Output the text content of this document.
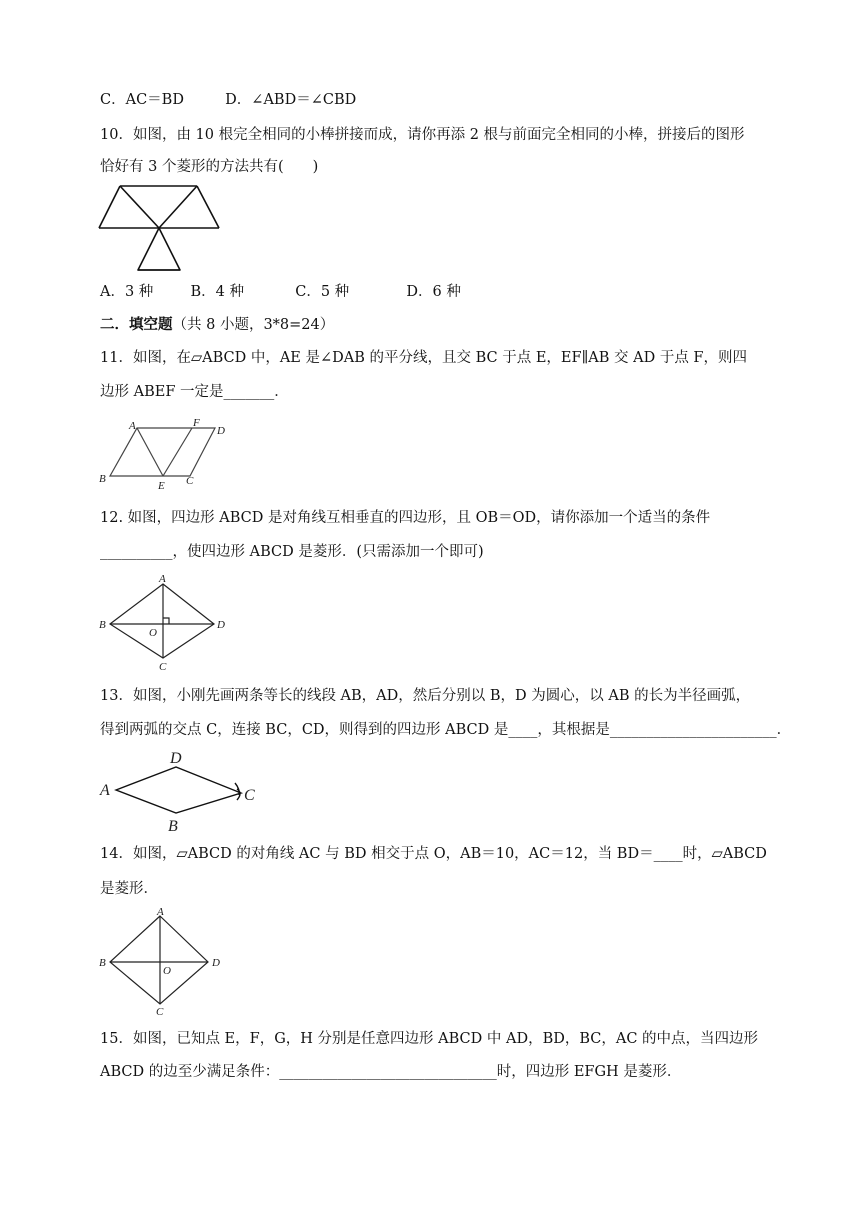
C．AC＝BD	D．∠ABD＝∠CBD
10．如图，由 10 根完全相同的小棒拼接而成，请你再添 2 根与前面完全相同的小棒，拼接后的图形
恰好有 3 个菱形的方法共有(　　)
A．3 种	B．4 种	C．5 种	D．6 种
二．填空题（共 8 小题，3*8=24）
11．如图，在▱ABCD 中，AE 是∠DAB 的平分线，且交 BC 于点 E，EF∥AB 交 AD 于点 F，则四
边形 ABEF 一定是_______．
A	F
D
B
E C
12. 如图，四边形 ABCD 是对角线互相垂直的四边形，且 OB＝OD，请你添加一个适当的条件
__________，使四边形 ABCD 是菱形．(只需添加一个即可)
A
B
O
D
C
13．如图，小刚先画两条等长的线段 AB，AD，然后分别以 B，D 为圆心，以 AB 的长为半径画弧，
得到两弧的交点 C，连接 BC，CD，则得到的四边形 ABCD 是____，其根据是_______________________．
A
D
C
B
14．如图，▱ABCD 的对角线 AC 与 BD 相交于点 O，AB＝10，AC＝12，当 BD＝____时，▱ABCD
是菱形．
A
B
O
D
C
15．如图，已知点 E，F，G，H 分别是任意四边形 ABCD 中 AD，BD，BC，AC 的中点，当四边形
ABCD 的边至少满足条件：______________________________时，四边形 EFGH 是菱形．
